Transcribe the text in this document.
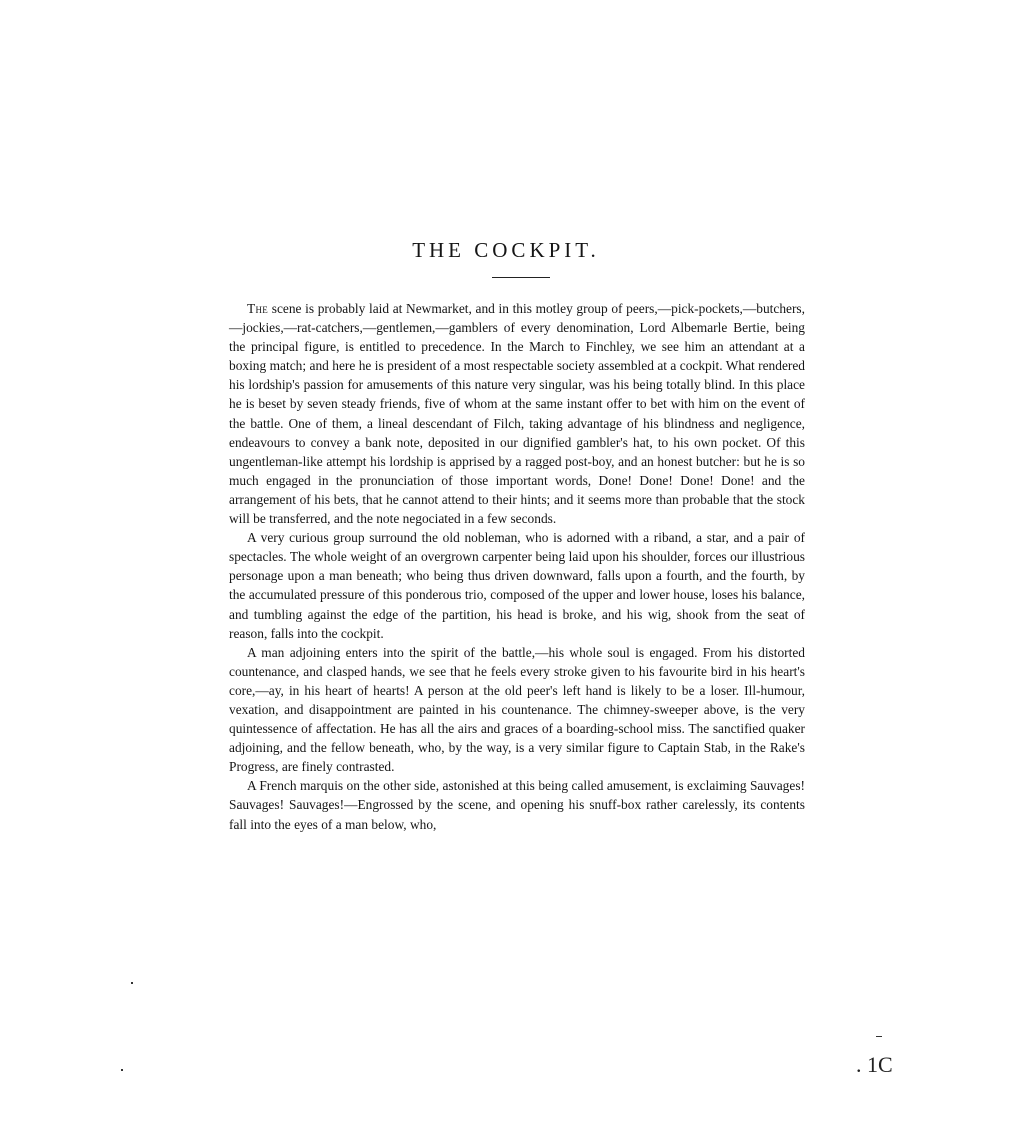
THE COCKPIT.

The scene is probably laid at Newmarket, and in this motley group of peers,—pick-pockets,—butchers,—jockies,—rat-catchers,—gentlemen,—gamblers of every denomination, Lord Albemarle Bertie, being the principal figure, is entitled to precedence. In the March to Finchley, we see him an attendant at a boxing match; and here he is president of a most respectable society assembled at a cockpit. What rendered his lordship's passion for amusements of this nature very singular, was his being totally blind. In this place he is beset by seven steady friends, five of whom at the same instant offer to bet with him on the event of the battle. One of them, a lineal descendant of Filch, taking advantage of his blindness and negligence, endeavours to convey a bank note, deposited in our dignified gambler's hat, to his own pocket. Of this ungentleman-like attempt his lordship is apprised by a ragged post-boy, and an honest butcher: but he is so much engaged in the pronunciation of those important words, Done! Done! Done! Done! and the arrangement of his bets, that he cannot attend to their hints; and it seems more than probable that the stock will be transferred, and the note negociated in a few seconds.

A very curious group surround the old nobleman, who is adorned with a riband, a star, and a pair of spectacles. The whole weight of an overgrown carpenter being laid upon his shoulder, forces our illustrious personage upon a man beneath; who being thus driven downward, falls upon a fourth, and the fourth, by the accumulated pressure of this ponderous trio, composed of the upper and lower house, loses his balance, and tumbling against the edge of the partition, his head is broke, and his wig, shook from the seat of reason, falls into the cockpit.

A man adjoining enters into the spirit of the battle,—his whole soul is engaged. From his distorted countenance, and clasped hands, we see that he feels every stroke given to his favourite bird in his heart's core,—ay, in his heart of hearts! A person at the old peer's left hand is likely to be a loser. Ill-humour, vexation, and disappointment are painted in his countenance. The chimney-sweeper above, is the very quintessence of affectation. He has all the airs and graces of a boarding-school miss. The sanctified quaker adjoining, and the fellow beneath, who, by the way, is a very similar figure to Captain Stab, in the Rake's Progress, are finely contrasted.

A French marquis on the other side, astonished at this being called amusement, is exclaiming Sauvages! Sauvages! Sauvages!—Engrossed by the scene, and opening his snuff-box rather carelessly, its contents fall into the eyes of a man below, who,

. 1C
